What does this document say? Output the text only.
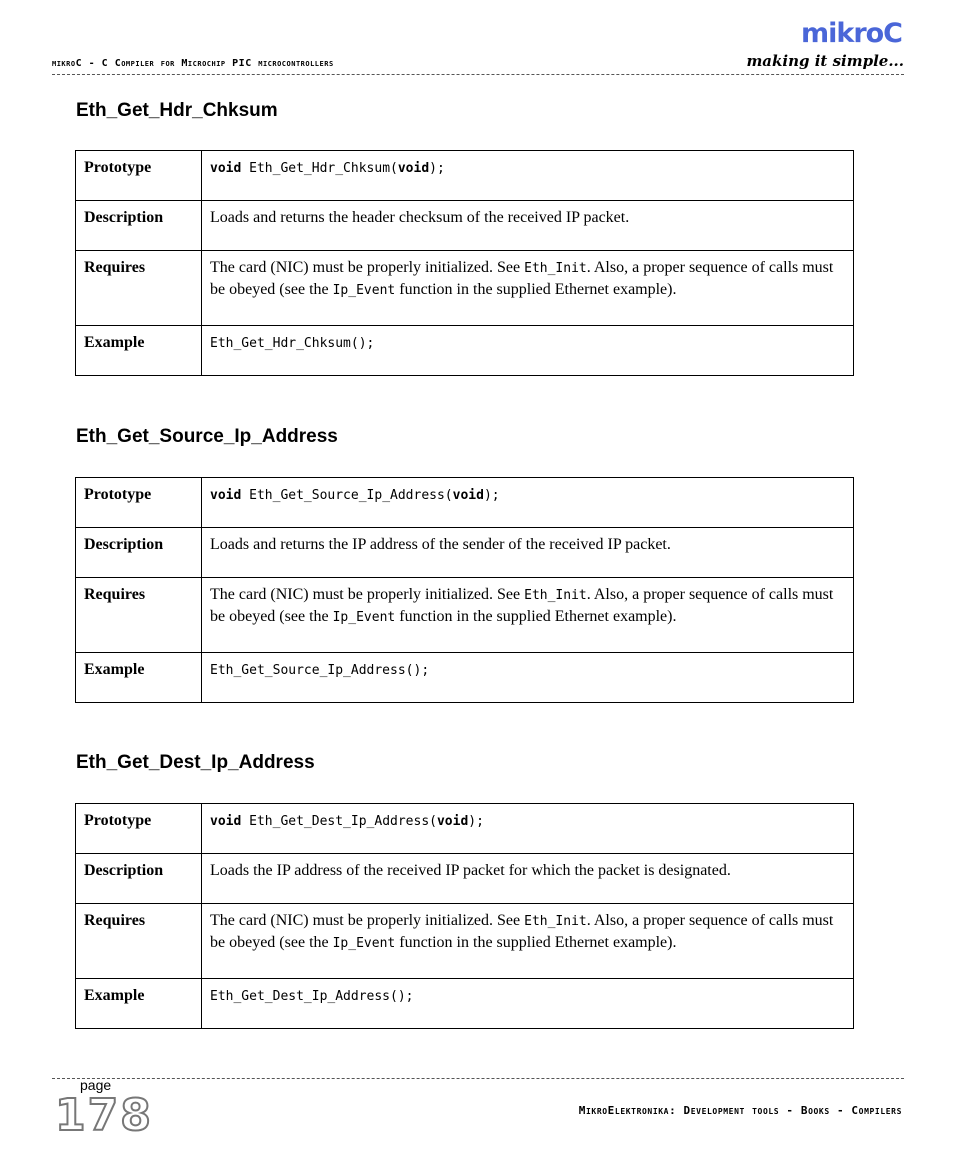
mikroC - C Compiler for Microchip PIC microcontrollers
mikroC
making it simple...
Eth_Get_Hdr_Chksum
Prototype	void Eth_Get_Hdr_Chksum(void);
Description	Loads and returns the header checksum of the received IP packet.
Requires	The card (NIC) must be properly initialized. See Eth_Init. Also, a proper sequence of calls must be obeyed (see the Ip_Event function in the supplied Ethernet example).
Example	Eth_Get_Hdr_Chksum();
Eth_Get_Source_Ip_Address
Prototype	void Eth_Get_Source_Ip_Address(void);
Description	Loads and returns the IP address of the sender of the received IP packet.
Requires	The card (NIC) must be properly initialized. See Eth_Init. Also, a proper sequence of calls must be obeyed (see the Ip_Event function in the supplied Ethernet example).
Example	Eth_Get_Source_Ip_Address();
Eth_Get_Dest_Ip_Address
Prototype	void Eth_Get_Dest_Ip_Address(void);
Description	Loads the IP address of the received IP packet for which the packet is designated.
Requires	The card (NIC) must be properly initialized. See Eth_Init. Also, a proper sequence of calls must be obeyed (see the Ip_Event function in the supplied Ethernet example).
Example	Eth_Get_Dest_Ip_Address();
page
178	MikroElektronika: Development tools - Books - Compilers
